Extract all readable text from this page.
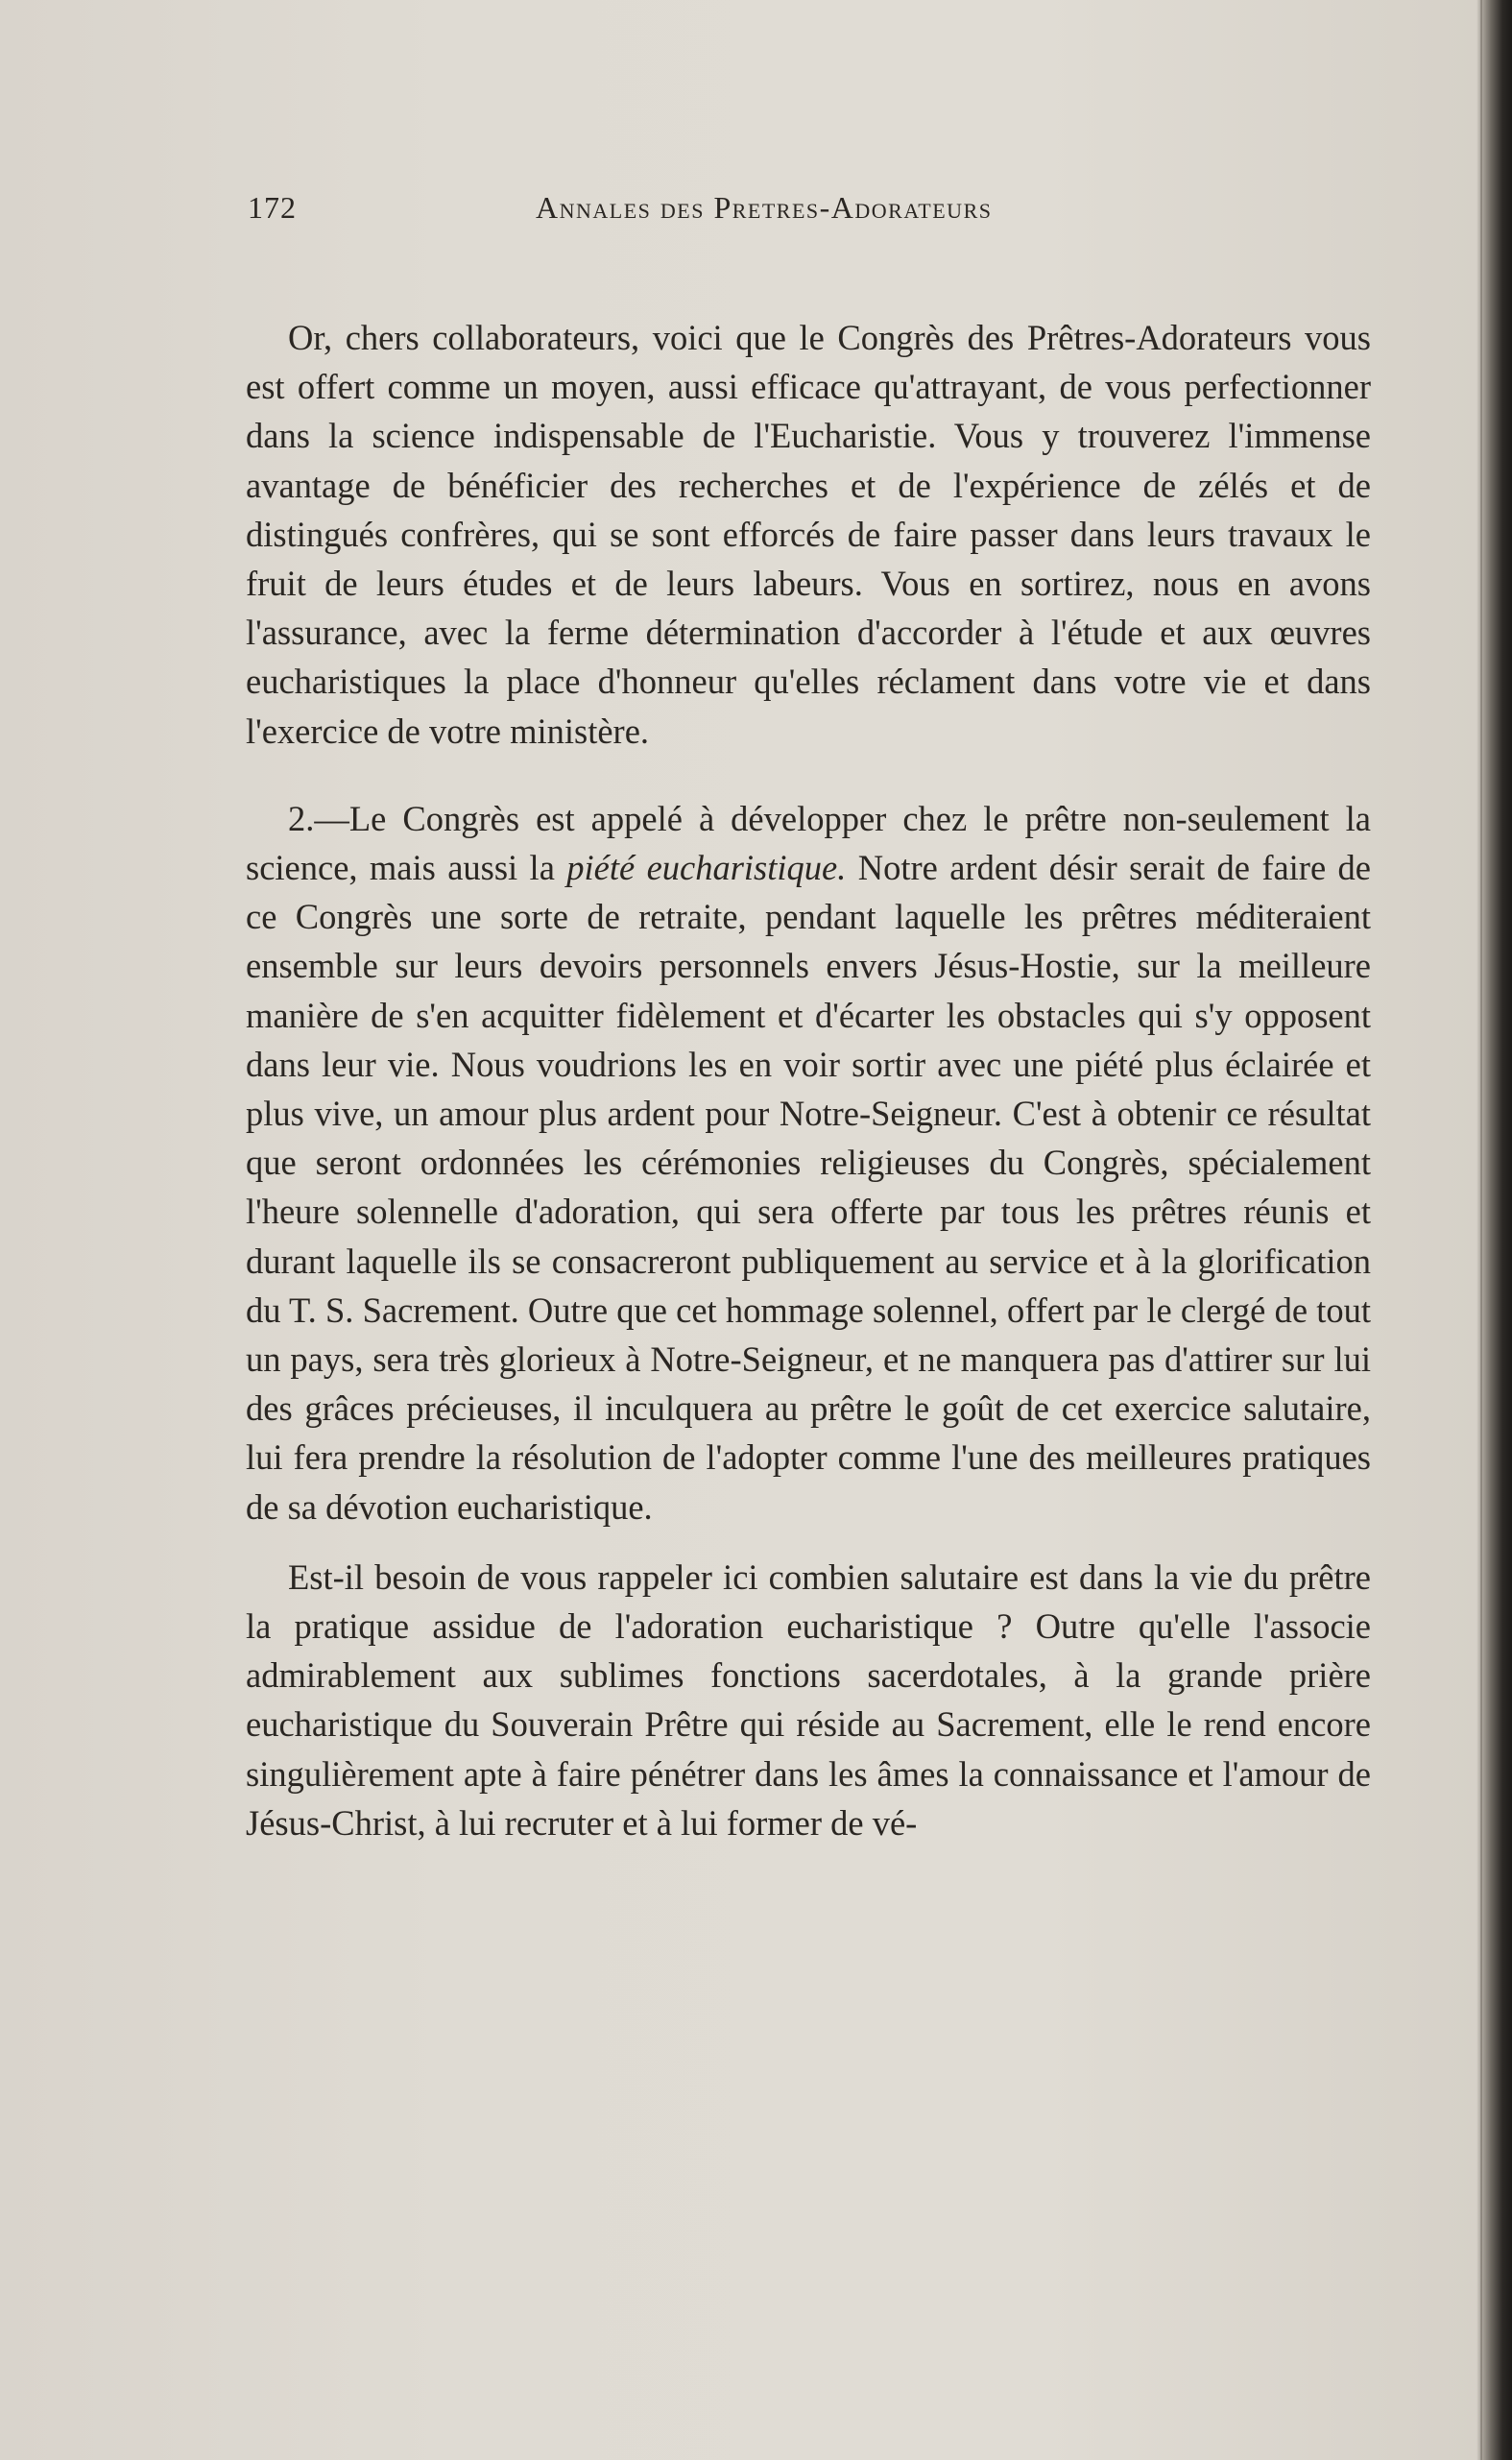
172	Annales des Pretres-Adorateurs

Or, chers collaborateurs, voici que le Congrès des Prêtres-Adorateurs vous est offert comme un moyen, aussi efficace qu'attrayant, de vous perfectionner dans la science indispensable de l'Eucharistie. Vous y trouverez l'immense avantage de bénéficier des recherches et de l'expérience de zélés et de distingués confrères, qui se sont efforcés de faire passer dans leurs travaux le fruit de leurs études et de leurs labeurs. Vous en sortirez, nous en avons l'assurance, avec la ferme détermination d'accorder à l'étude et aux œuvres eucharistiques la place d'honneur qu'elles réclament dans votre vie et dans l'exercice de votre ministère.

2.—Le Congrès est appelé à développer chez le prêtre non-seulement la science, mais aussi la piété eucharistique. Notre ardent désir serait de faire de ce Congrès une sorte de retraite, pendant laquelle les prêtres méditeraient ensemble sur leurs devoirs personnels envers Jésus-Hostie, sur la meilleure manière de s'en acquitter fidèlement et d'écarter les obstacles qui s'y opposent dans leur vie. Nous voudrions les en voir sortir avec une piété plus éclairée et plus vive, un amour plus ardent pour Notre-Seigneur. C'est à obtenir ce résultat que seront ordonnées les cérémonies religieuses du Congrès, spécialement l'heure solennelle d'adoration, qui sera offerte par tous les prêtres réunis et durant laquelle ils se consacreront publiquement au service et à la glorification du T. S. Sacrement. Outre que cet hommage solennel, offert par le clergé de tout un pays, sera très glorieux à Notre-Seigneur, et ne manquera pas d'attirer sur lui des grâces précieuses, il inculquera au prêtre le goût de cet exercice salutaire, lui fera prendre la résolution de l'adopter comme l'une des meilleures pratiques de sa dévotion eucharistique.

Est-il besoin de vous rappeler ici combien salutaire est dans la vie du prêtre la pratique assidue de l'adoration eucharistique ? Outre qu'elle l'associe admirablement aux sublimes fonctions sacerdotales, à la grande prière eucharistique du Souverain Prêtre qui réside au Sacrement, elle le rend encore singulièrement apte à faire pénétrer dans les âmes la connaissance et l'amour de Jésus-Christ, à lui recruter et à lui former de vé-
